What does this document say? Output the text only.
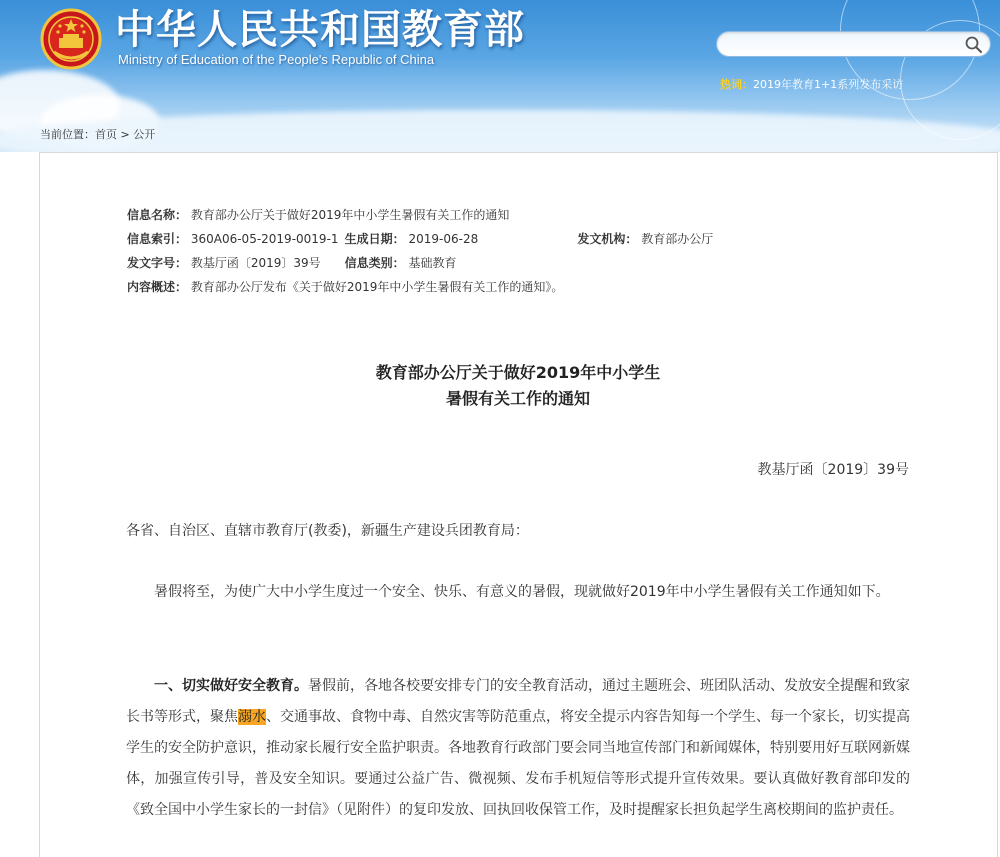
中华人民共和国教育部
Ministry of Education of the People's Republic of China
热词：2019年教育1+1系列发布采访
当前位置：首页 > 公开
信息名称： 教育部办公厅关于做好2019年中小学生暑假有关工作的通知
信息索引： 360A06-05-2019-0019-1 生成日期： 2019-06-28	发文机构： 教育部办公厅
发文字号： 教基厅函〔2019〕39号 信息类别： 基础教育
内容概述： 教育部办公厅发布《关于做好2019年中小学生暑假有关工作的通知》。
教育部办公厅关于做好2019年中小学生
暑假有关工作的通知
教基厅函〔2019〕39号
各省、自治区、直辖市教育厅(教委)，新疆生产建设兵团教育局：
暑假将至，为使广大中小学生度过一个安全、快乐、有意义的暑假，现就做好2019年中小学生暑假有关工作通知如下。
一、切实做好安全教育。暑假前，各地各校要安排专门的安全教育活动，通过主题班会、班团队活动、发放安全提醒和致家长书等形式，聚焦溺水、交通事故、食物中毒、自然灾害等防范重点，将安全提示内容告知每一个学生、每一个家长，切实提高学生的安全防护意识，推动家长履行安全监护职责。各地教育行政部门要会同当地宣传部门和新闻媒体，特别要用好互联网新媒体，加强宣传引导，普及安全知识。要通过公益广告、微视频、发布手机短信等形式提升宣传效果。要认真做好教育部印发的《致全国中小学生家长的一封信》（见附件）的复印发放、回执回收保管工作，及时提醒家长担负起学生离校期间的监护责任。
